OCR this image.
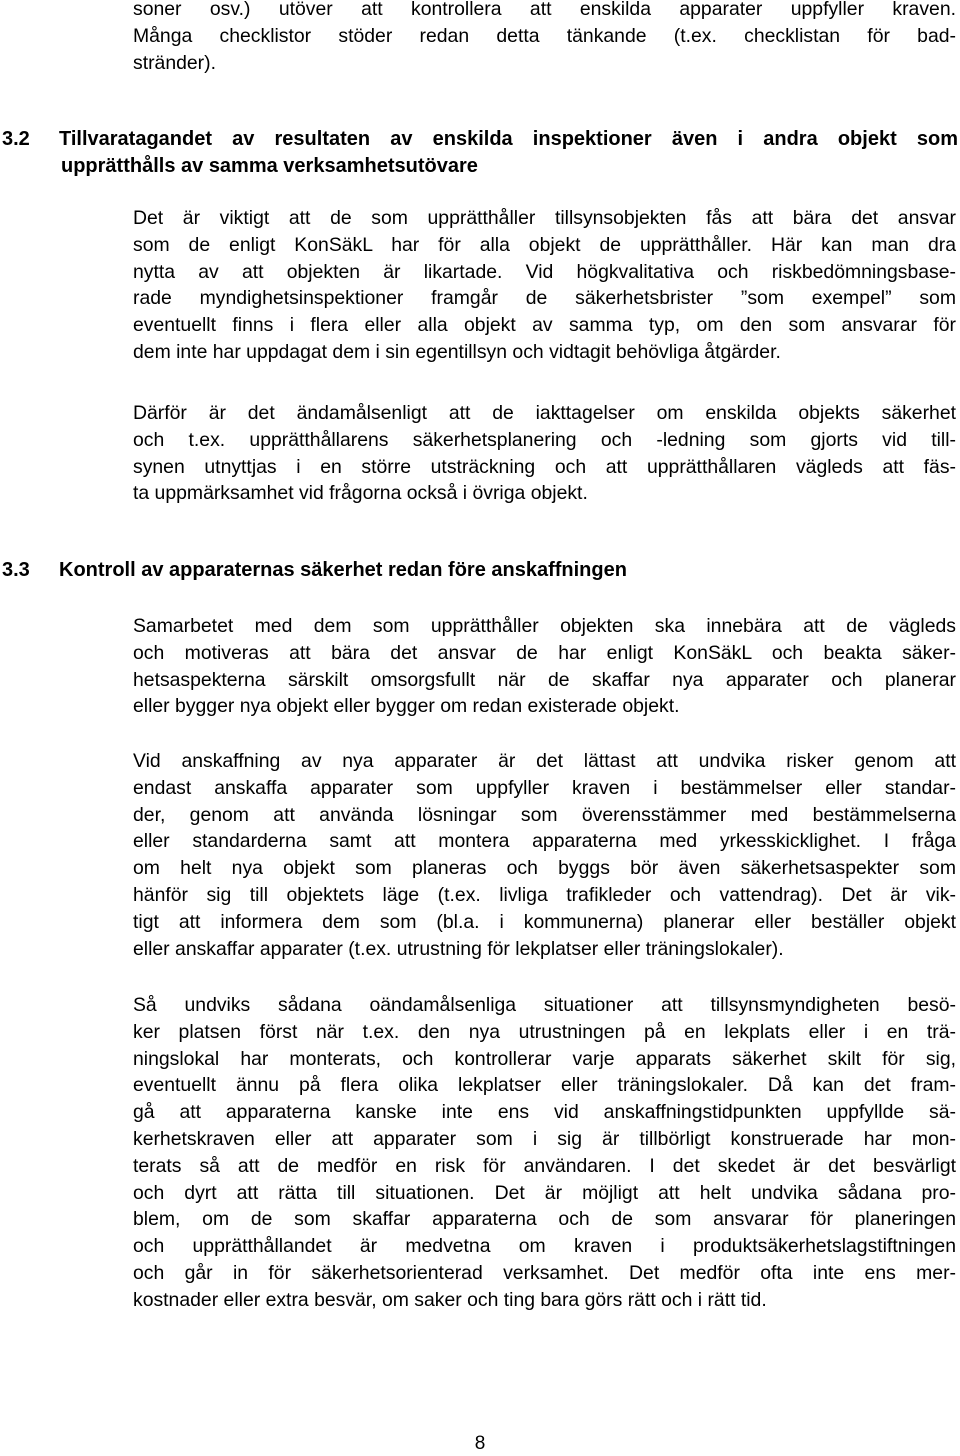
soner osv.) utöver att kontrollera att enskilda apparater uppfyller kraven.
Många checklistor stöder redan detta tänkande (t.ex. checklistan för bad-
stränder).
3.2 Tillvaratagandet av resultaten av enskilda inspektioner även i andra objekt som
upprätthålls av samma verksamhetsutövare
Det är viktigt att de som upprätthåller tillsynsobjekten fås att bära det ansvar
som de enligt KonSäkL har för alla objekt de upprätthåller. Här kan man dra
nytta av att objekten är likartade. Vid högkvalitativa och riskbedömningsbase-
rade myndighetsinspektioner framgår de säkerhetsbrister ”som exempel” som
eventuellt finns i flera eller alla objekt av samma typ, om den som ansvarar för
dem inte har uppdagat dem i sin egentillsyn och vidtagit behövliga åtgärder.
Därför är det ändamålsenligt att de iakttagelser om enskilda objekts säkerhet
och t.ex. upprätthållarens säkerhetsplanering och -ledning som gjorts vid till-
synen utnyttjas i en större utsträckning och att upprätthållaren vägleds att fäs-
ta uppmärksamhet vid frågorna också i övriga objekt.
3.3 Kontroll av apparaternas säkerhet redan före anskaffningen
Samarbetet med dem som upprätthåller objekten ska innebära att de vägleds
och motiveras att bära det ansvar de har enligt KonSäkL och beakta säker-
hetsaspekterna särskilt omsorgsfullt när de skaffar nya apparater och planerar
eller bygger nya objekt eller bygger om redan existerade objekt.
Vid anskaffning av nya apparater är det lättast att undvika risker genom att
endast anskaffa apparater som uppfyller kraven i bestämmelser eller standar-
der, genom att använda lösningar som överensstämmer med bestämmelserna
eller standarderna samt att montera apparaterna med yrkesskicklighet. I fråga
om helt nya objekt som planeras och byggs bör även säkerhetsaspekter som
hänför sig till objektets läge (t.ex. livliga trafikleder och vattendrag). Det är vik-
tigt att informera dem som (bl.a. i kommunerna) planerar eller beställer objekt
eller anskaffar apparater (t.ex. utrustning för lekplatser eller träningslokaler).
Så undviks sådana oändamålsenliga situationer att tillsynsmyndigheten besö-
ker platsen först när t.ex. den nya utrustningen på en lekplats eller i en trä-
ningslokal har monterats, och kontrollerar varje apparats säkerhet skilt för sig,
eventuellt ännu på flera olika lekplatser eller träningslokaler. Då kan det fram-
gå att apparaterna kanske inte ens vid anskaffningstidpunkten uppfyllde sä-
kerhetskraven eller att apparater som i sig är tillbörligt konstruerade har mon-
terats så att de medför en risk för användaren. I det skedet är det besvärligt
och dyrt att rätta till situationen. Det är möjligt att helt undvika sådana pro-
blem, om de som skaffar apparaterna och de som ansvarar för planeringen
och upprätthållandet är medvetna om kraven i produktsäkerhetslagstiftningen
och går in för säkerhetsorienterad verksamhet. Det medför ofta inte ens mer-
kostnader eller extra besvär, om saker och ting bara görs rätt och i rätt tid.
8
